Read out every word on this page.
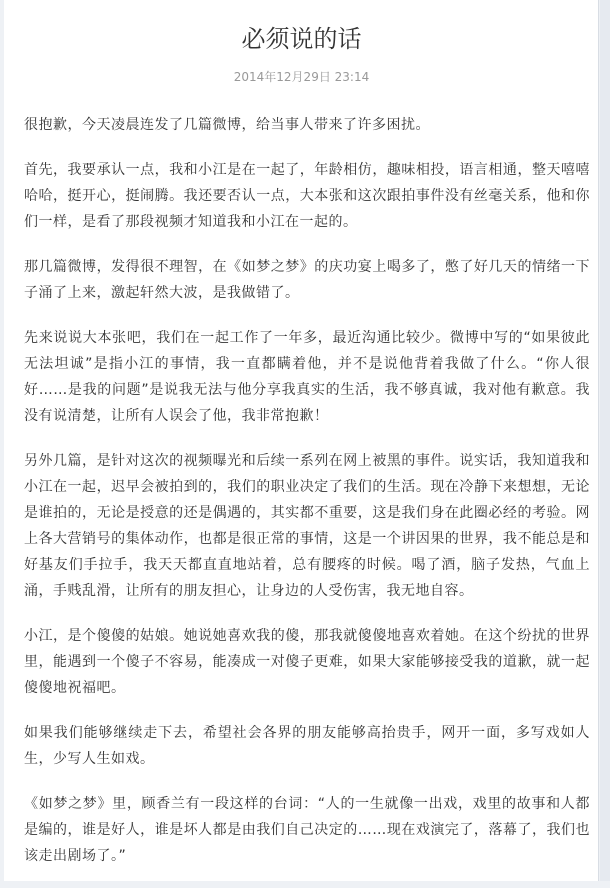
必须说的话
2014年12月29日 23:14

很抱歉，今天凌晨连发了几篇微博，给当事人带来了许多困扰。

首先，我要承认一点，我和小江是在一起了，年龄相仿，趣味相投，语言相通，整天嘻嘻哈哈，挺开心，挺闹腾。我还要否认一点，大本张和这次跟拍事件没有丝毫关系，他和你们一样，是看了那段视频才知道我和小江在一起的。

那几篇微博，发得很不理智，在《如梦之梦》的庆功宴上喝多了，憋了好几天的情绪一下子涌了上来，激起轩然大波，是我做错了。

先来说说大本张吧，我们在一起工作了一年多，最近沟通比较少。微博中写的“如果彼此无法坦诚”是指小江的事情，我一直都瞒着他，并不是说他背着我做了什么。“你人很好……是我的问题”是说我无法与他分享我真实的生活，我不够真诚，我对他有歉意。我没有说清楚，让所有人误会了他，我非常抱歉！

另外几篇，是针对这次的视频曝光和后续一系列在网上被黑的事件。说实话，我知道我和小江在一起，迟早会被拍到的，我们的职业决定了我们的生活。现在冷静下来想想，无论是谁拍的，无论是授意的还是偶遇的，其实都不重要，这是我们身在此圈必经的考验。网上各大营销号的集体动作，也都是很正常的事情，这是一个讲因果的世界，我不能总是和好基友们手拉手，我天天都直直地站着，总有腰疼的时候。喝了酒，脑子发热，气血上涌，手贱乱滑，让所有的朋友担心，让身边的人受伤害，我无地自容。

小江，是个傻傻的姑娘。她说她喜欢我的傻，那我就傻傻地喜欢着她。在这个纷扰的世界里，能遇到一个傻子不容易，能凑成一对傻子更难，如果大家能够接受我的道歉，就一起傻傻地祝福吧。

如果我们能够继续走下去，希望社会各界的朋友能够高抬贵手，网开一面，多写戏如人生，少写人生如戏。

《如梦之梦》里，顾香兰有一段这样的台词：“人的一生就像一出戏，戏里的故事和人都是编的，谁是好人，谁是坏人都是由我们自己决定的……现在戏演完了，落幕了，我们也该走出剧场了。”
